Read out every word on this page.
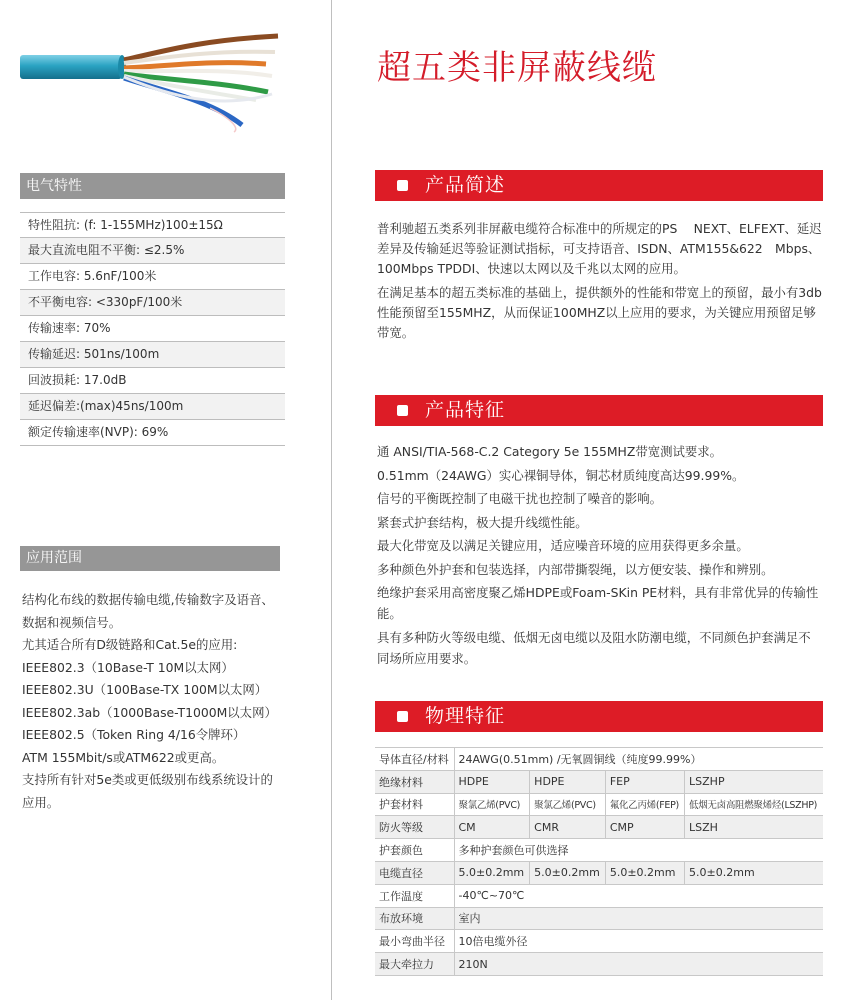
电气特性
特性阻抗: (f: 1-155MHz)100±15Ω
最大直流电阻不平衡: ≤2.5%
工作电容: 5.6nF/100米
不平衡电容: <330pF/100米
传输速率: 70%
传输延迟: 501ns/100m
回波损耗: 17.0dB
延迟偏差:(max)45ns/100m
额定传输速率(NVP): 69%
应用范围

结构化布线的数据传输电缆,传输数字及语音、数据和视频信号。

尤其适合所有D级链路和Cat.5e的应用:

IEEE802.3（10Base-T 10M以太网）

IEEE802.3U（100Base-TX 100M以太网）

IEEE802.3ab（1000Base-T1000M以太网）

IEEE802.5（Token Ring 4/16令牌环）

ATM 155Mbit/s或ATM622或更高。

支持所有针对5e类或更低级别布线系统设计的应用。

超五类非屏蔽线缆
产品简述

普利驰超五类系列非屏蔽电缆符合标准中的所规定的PS　 NEXT、ELFEXT、延迟差异及传输延迟等验证测试指标，可支持语音、ISDN、ATM155&622　Mbps、100Mbps TPDDI、快速以太网以及千兆以太网的应用。

在满足基本的超五类标准的基础上，提供额外的性能和带宽上的预留，最小有3db性能预留至155MHZ，从而保证100MHZ以上应用的要求，为关键应用预留足够带宽。

产品特征

通 ANSI/TIA-568-C.2 Category 5e 155MHZ带宽测试要求。

0.51mm（24AWG）实心裸铜导体，铜芯材质纯度高达99.99%。

信号的平衡既控制了电磁干扰也控制了噪音的影响。

紧套式护套结构，极大提升线缆性能。

最大化带宽及以满足关键应用，适应噪音环境的应用获得更多余量。

多种颜色外护套和包装选择，内部带撕裂绳，以方便安装、操作和辨别。

绝缘护套采用高密度聚乙烯HDPE或Foam-SKin PE材料，具有非常优异的传输性能。

具有多种防火等级电缆、低烟无卤电缆以及阻水防潮电缆，不同颜色护套满足不同场所应用要求。

物理特征
导体直径/材料	24AWG(0.51mm) /无氧圆铜线（纯度99.99%）			
绝缘材料	HDPE	HDPE	FEP	LSZHP
护套材料	聚氯乙烯(PVC)	聚氯乙烯(PVC)	氟化乙丙烯(FEP)	低烟无卤高阻燃聚烯烃(LSZHP)
防火等级	CM	CMR	CMP	LSZH
护套颜色	多种护套颜色可供选择			
电缆直径	5.0±0.2mm	5.0±0.2mm	5.0±0.2mm	5.0±0.2mm
工作温度	-40℃~70℃			
布放环境	室内			
最小弯曲半径	10倍电缆外径			
最大牵拉力	210N			
